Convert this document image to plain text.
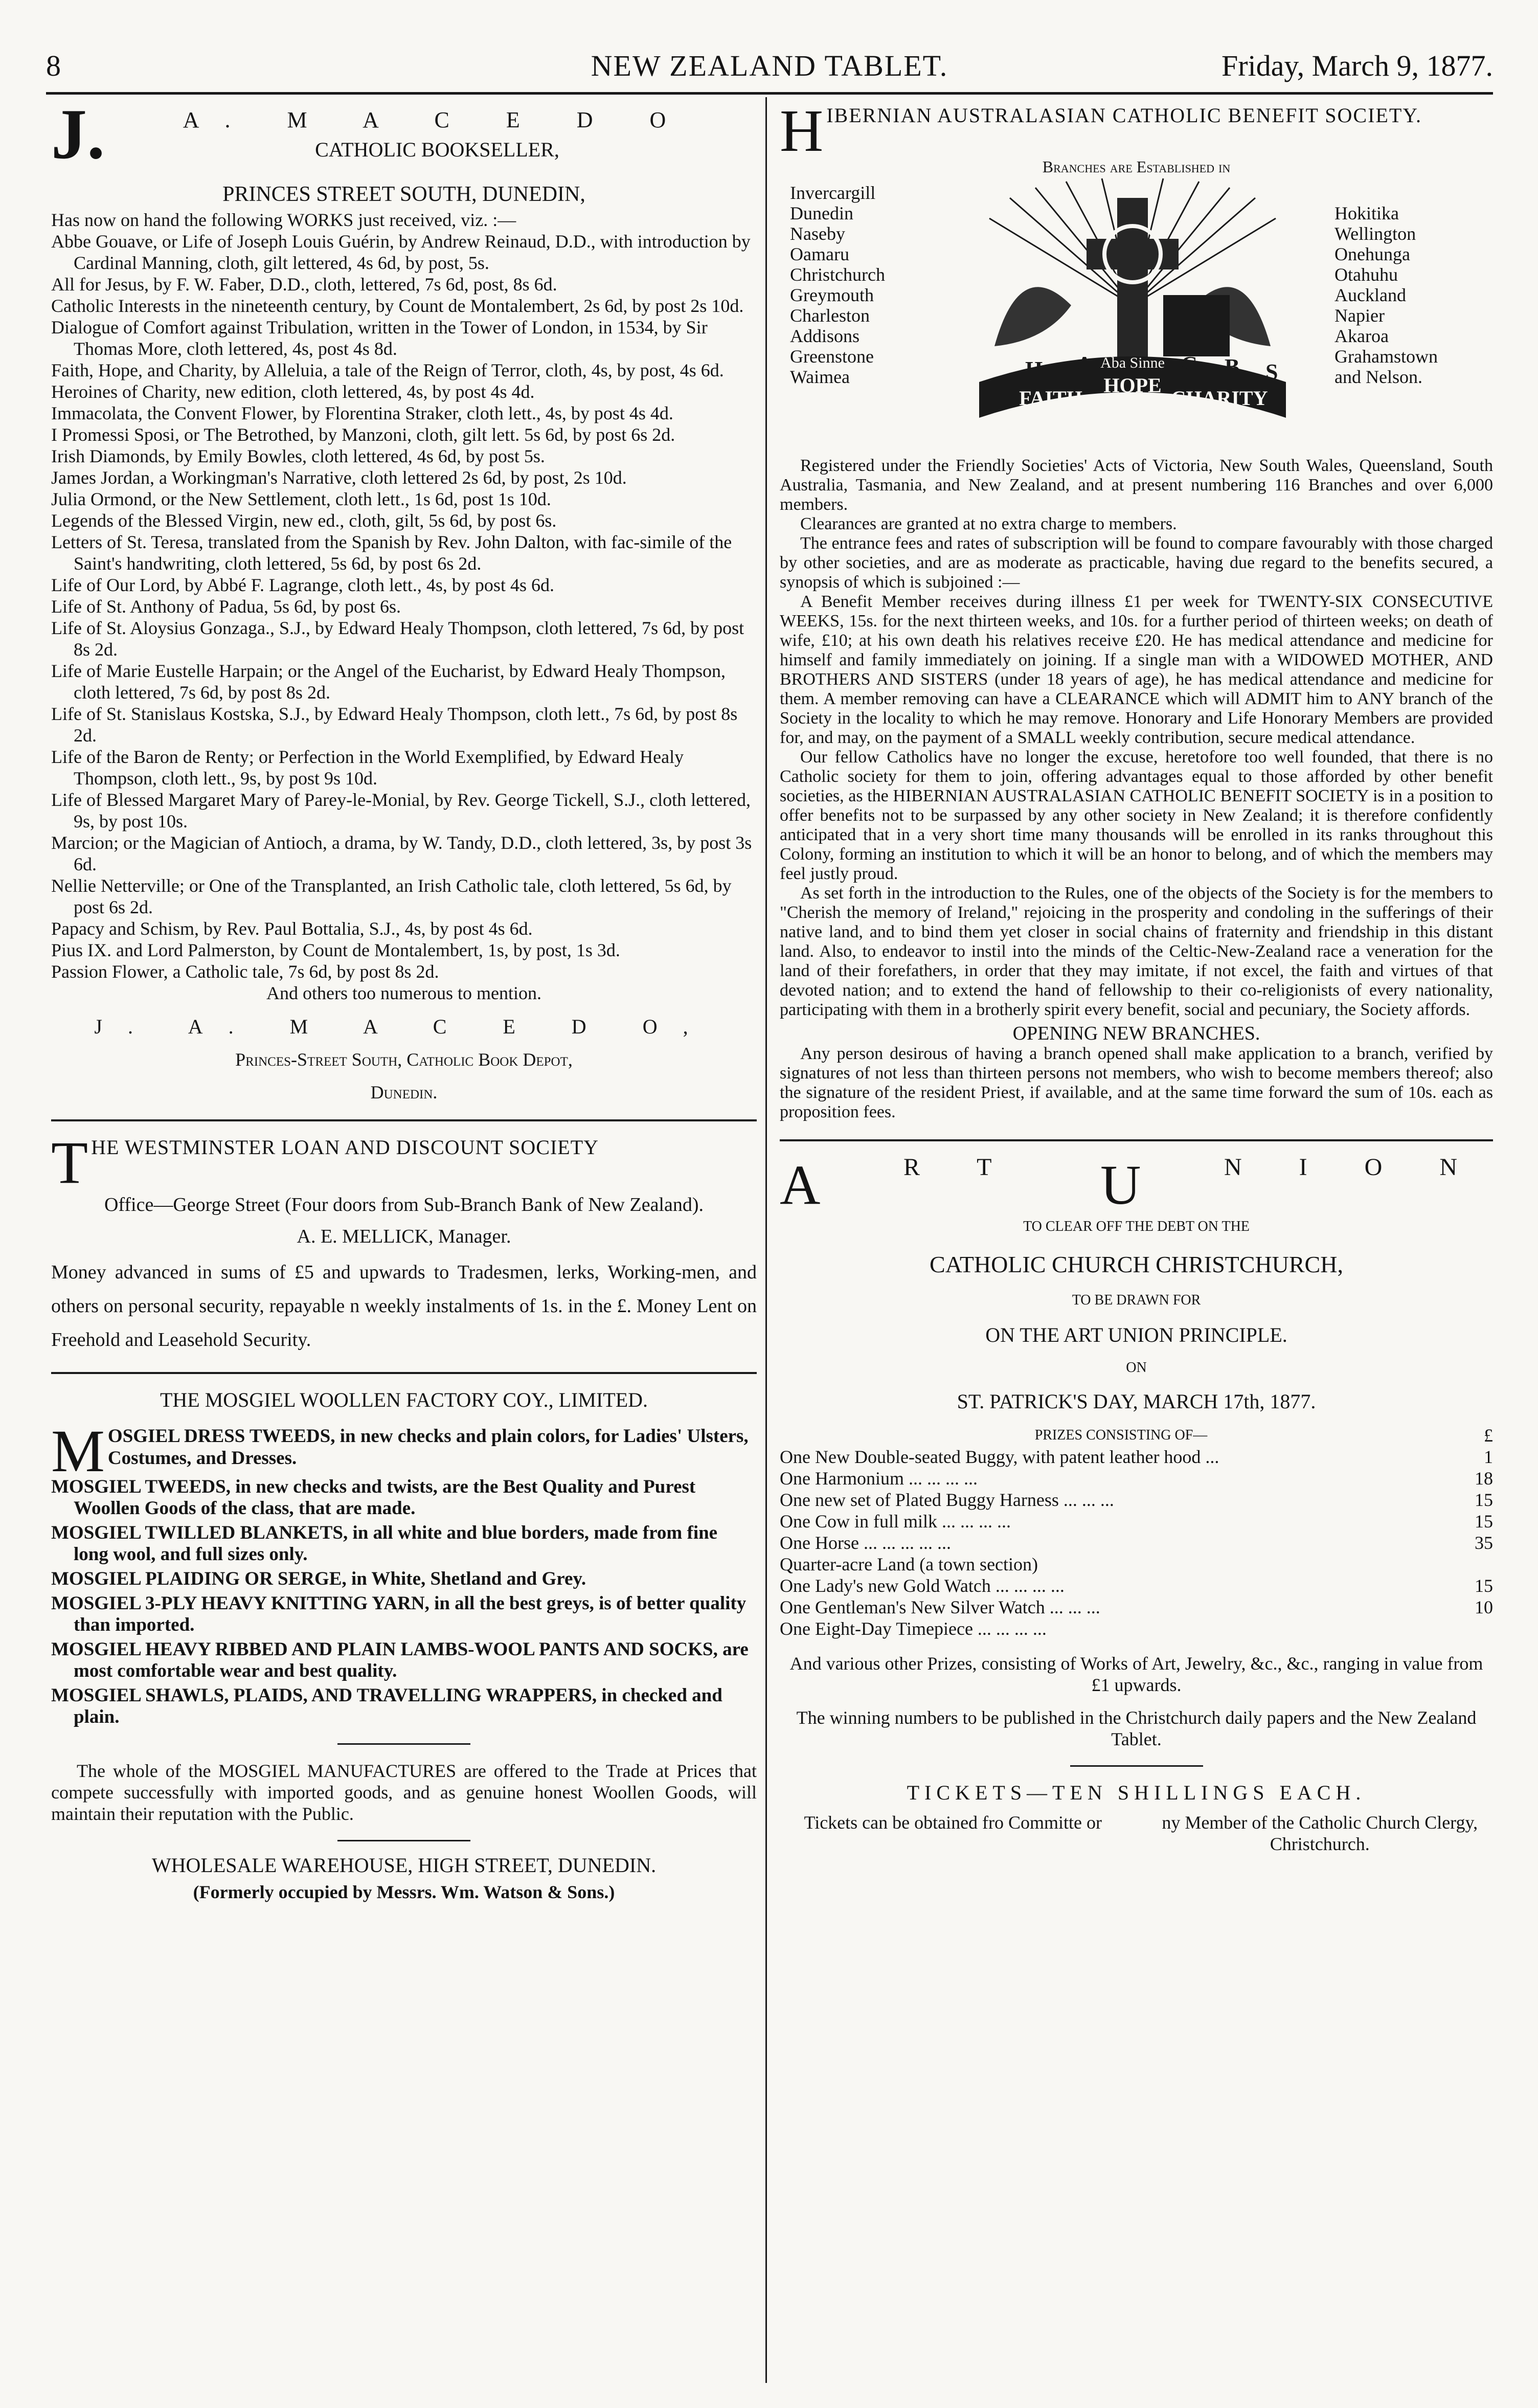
8	NEW ZEALAND TABLET.	Friday, March 9, 1877.
J.	A. M A C E D O
CATHOLIC BOOKSELLER,
PRINCES STREET SOUTH, DUNEDIN,

Has now on hand the following WORKS just received, viz. :—

Abbe Gouave, or Life of Joseph Louis Guérin, by Andrew Reinaud, D.D., with introduction by Cardinal Manning, cloth, gilt lettered, 4s 6d, by post, 5s.

All for Jesus, by F. W. Faber, D.D., cloth, lettered, 7s 6d, post, 8s 6d.

Catholic Interests in the nineteenth century, by Count de Montalembert, 2s 6d, by post 2s 10d.

Dialogue of Comfort against Tribulation, written in the Tower of London, in 1534, by Sir Thomas More, cloth lettered, 4s, post 4s 8d.

Faith, Hope, and Charity, by Alleluia, a tale of the Reign of Terror, cloth, 4s, by post, 4s 6d.

Heroines of Charity, new edition, cloth lettered, 4s, by post 4s 4d.

Immacolata, the Convent Flower, by Florentina Straker, cloth lett., 4s, by post 4s 4d.

I Promessi Sposi, or The Betrothed, by Manzoni, cloth, gilt lett. 5s 6d, by post 6s 2d.

Irish Diamonds, by Emily Bowles, cloth lettered, 4s 6d, by post 5s.

James Jordan, a Workingman's Narrative, cloth lettered 2s 6d, by post, 2s 10d.

Julia Ormond, or the New Settlement, cloth lett., 1s 6d, post 1s 10d.

Legends of the Blessed Virgin, new ed., cloth, gilt, 5s 6d, by post 6s.

Letters of St. Teresa, translated from the Spanish by Rev. John Dalton, with fac-simile of the Saint's handwriting, cloth lettered, 5s 6d, by post 6s 2d.

Life of Our Lord, by Abbé F. Lagrange, cloth lett., 4s, by post 4s 6d.

Life of St. Anthony of Padua, 5s 6d, by post 6s.

Life of St. Aloysius Gonzaga., S.J., by Edward Healy Thompson, cloth lettered, 7s 6d, by post 8s 2d.

Life of Marie Eustelle Harpain; or the Angel of the Eucharist, by Edward Healy Thompson, cloth lettered, 7s 6d, by post 8s 2d.

Life of St. Stanislaus Kostska, S.J., by Edward Healy Thompson, cloth lett., 7s 6d, by post 8s 2d.

Life of the Baron de Renty; or Perfection in the World Exemplified, by Edward Healy Thompson, cloth lett., 9s, by post 9s 10d.

Life of Blessed Margaret Mary of Parey-le-Monial, by Rev. George Tickell, S.J., cloth lettered, 9s, by post 10s.

Marcion; or the Magician of Antioch, a drama, by W. Tandy, D.D., cloth lettered, 3s, by post 3s 6d.

Nellie Netterville; or One of the Transplanted, an Irish Catholic tale, cloth lettered, 5s 6d, by post 6s 2d.

Papacy and Schism, by Rev. Paul Bottalia, S.J., 4s, by post 4s 6d.

Pius IX. and Lord Palmerston, by Count de Montalembert, 1s, by post, 1s 3d.

Passion Flower, a Catholic tale, 7s 6d, by post 8s 2d.

And others too numerous to mention.

J. A. M A C E D O,

Princes-Street South, Catholic Book Depot,

Dunedin.

T HE WESTMINSTER LOAN AND DISCOUNT SOCIETY

Office—George Street (Four doors from Sub-Branch Bank of New Zealand).

A. E. MELLICK, Manager.

Money advanced in sums of £5 and upwards to Tradesmen, lerks, Working-men, and others on personal security, repayable n weekly instalments of 1s. in the £. Money Lent on Freehold and Leasehold Security.

THE MOSGIEL WOOLLEN FACTORY COY., LIMITED.

M OSGIEL DRESS TWEEDS, in new checks and plain colors, for Ladies' Ulsters, Costumes, and Dresses.

MOSGIEL TWEEDS, in new checks and twists, are the Best Quality and Purest Woollen Goods of the class, that are made.

MOSGIEL TWILLED BLANKETS, in all white and blue borders, made from fine long wool, and full sizes only.

MOSGIEL PLAIDING OR SERGE, in White, Shetland and Grey.

MOSGIEL 3-PLY HEAVY KNITTING YARN, in all the best greys, is of better quality than imported.

MOSGIEL HEAVY RIBBED AND PLAIN LAMBS-WOOL PANTS AND SOCKS, are most comfortable wear and best quality.

MOSGIEL SHAWLS, PLAIDS, AND TRAVELLING WRAPPERS, in checked and plain.

The whole of the MOSGIEL MANUFACTURES are offered to the Trade at Prices that compete successfully with imported goods, and as genuine honest Woollen Goods, will maintain their reputation with the Public.

WHOLESALE WAREHOUSE, HIGH STREET, DUNEDIN.

(Formerly occupied by Messrs. Wm. Watson & Sons.)

H IBERNIAN AUSTRALASIAN CATHOLIC BENEFIT SOCIETY.

Branches are Established in

Invercargill
Dunedin
Naseby
Oamaru
Christchurch
Greymouth
Charleston
Addisons
Greenstone
Waimea	H A	C B S
Aba Sinne
FAITH
HOPE
CHARITY
Hokitika
Wellington
Onehunga
Otahuhu
Auckland
Napier
Akaroa
Grahamstown
and Nelson.

Registered under the Friendly Societies' Acts of Victoria, New South Wales, Queensland, South Australia, Tasmania, and New Zealand, and at present numbering 116 Branches and over 6,000 members.

Clearances are granted at no extra charge to members.

The entrance fees and rates of subscription will be found to compare favourably with those charged by other societies, and are as moderate as practicable, having due regard to the benefits secured, a synopsis of which is subjoined :—

A Benefit Member receives during illness £1 per week for TWENTY-SIX CONSECUTIVE WEEKS, 15s. for the next thirteen weeks, and 10s. for a further period of thirteen weeks; on death of wife, £10; at his own death his relatives receive £20. He has medical attendance and medicine for himself and family immediately on joining. If a single man with a WIDOWED MOTHER, AND BROTHERS AND SISTERS (under 18 years of age), he has medical attendance and medicine for them. A member removing can have a CLEARANCE which will ADMIT him to ANY branch of the Society in the locality to which he may remove. Honorary and Life Honorary Members are provided for, and may, on the payment of a SMALL weekly contribution, secure medical attendance.

Our fellow Catholics have no longer the excuse, heretofore too well founded, that there is no Catholic society for them to join, offering advantages equal to those afforded by other benefit societies, as the HIBERNIAN AUSTRALASIAN CATHOLIC BENEFIT SOCIETY is in a position to offer benefits not to be surpassed by any other society in New Zealand; it is therefore confidently anticipated that in a very short time many thousands will be enrolled in its ranks throughout this Colony, forming an institution to which it will be an honor to belong, and of which the members may feel justly proud.

As set forth in the introduction to the Rules, one of the objects of the Society is for the members to "Cherish the memory of Ireland," rejoicing in the prosperity and condoling in the sufferings of their native land, and to bind them yet closer in social chains of fraternity and friendship in this distant land. Also, to endeavor to instil into the minds of the Celtic-New-Zealand race a veneration for the land of their forefathers, in order that they may imitate, if not excel, the faith and virtues of that devoted nation; and to extend the hand of fellowship to their co-religionists of every nationality, participating with them in a brotherly spirit every benefit, social and pecuniary, the Society affords.

OPENING NEW BRANCHES.

Any person desirous of having a branch opened shall make application to a branch, verified by signatures of not less than thirteen persons not members, who wish to become members thereof; also the signature of the resident Priest, if available, and at the same time forward the sum of 10s. each as proposition fees.

A	R T U	N I O N

TO CLEAR OFF THE DEBT ON THE

CATHOLIC CHURCH CHRISTCHURCH,

TO BE DRAWN FOR

ON THE ART UNION PRINCIPLE.

ON

ST. PATRICK'S DAY, MARCH 17th, 1877.

PRIZES CONSISTING OF—	£
One New Double-seated Buggy, with patent leather hood ...	1
One Harmonium ... ... ... ...	18
One new set of Plated Buggy Harness ... ... ...	15
One Cow in full milk ... ... ... ...	15
One Horse ... ... ... ... ...	35
Quarter-acre Land (a town section)
One Lady's new Gold Watch ... ... ... ...	15
One Gentleman's New Silver Watch ... ... ...	10
One Eight-Day Timepiece ... ... ... ...

And various other Prizes, consisting of Works of Art, Jewelry, &c., &c., ranging in value from £1 upwards.

The winning numbers to be published in the Christchurch daily papers and the New Zealand Tablet.

TICKETS—TEN SHILLINGS EACH.

Tickets can be obtained fro Committe or	ny Member of the Catholic Church Clergy, Christchurch.
